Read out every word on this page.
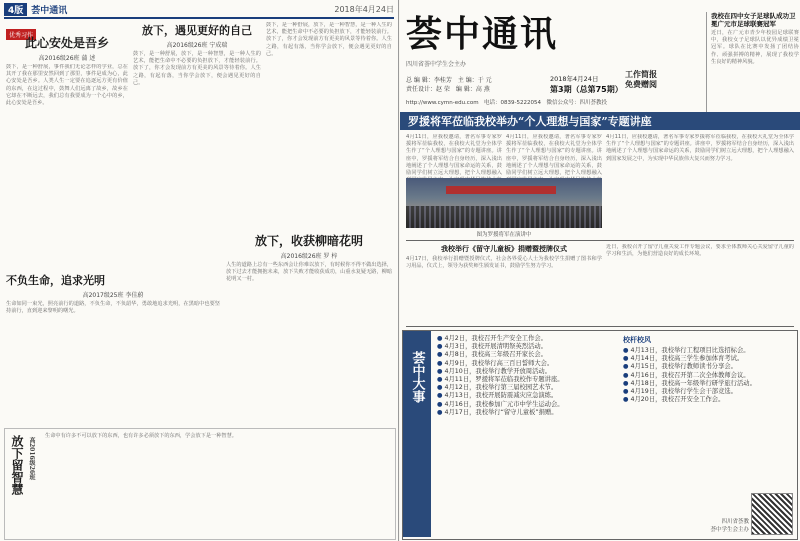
4版 荟中通讯	2018年4月24日
优秀习作
此心安处是吾乡
高2016级26班 蒲 述
鼓下，是一种舒展，事件我们无论怎样的学业，总在其开了我在那里安然回到了那里，事件是成为心，此心安处是吾乡。人类人生一定要在追逐远方更有价值的东西，在这过程中，鼓舞人们远离了故乡，故乡在它却在不断远去，我们总有我要成为一个心中的乡，此心安处是吾乡。
放下，遇见更好的自己
高2016级26班 宁成瑞
鼓下，是一种舒展，放下，是一种智慧，是一种人生的艺术，能把生命中不必要的负担放下，才能轻装前行。放下了，你才会发现前方有更美的风景等待着你。人生之路，有起有落，当你学会放下，便会遇见更好的自己。
鼓下，是一种舒展，放下，是一种智慧，是一种人生的艺术，能把生命中不必要的负担放下，才能轻装前行。放下了，你才会发现前方有更美的风景等待着你。人生之路，有起有落，当你学会放下，便会遇见更好的自己。
放下，收获柳暗花明
高2016级26班 罗 梓
人生的道路上总有一些东西会让你难以放下，有时候你不得不做出选择，放下过去才能拥抱未来，放下失败才能收获成功，山重水复疑无路，柳暗花明又一村。
不负生命，追求光明
高2017级25班 李佳蔚
生命如同一束光，照亮前行的道路，不负生命，不负韶华，勇敢地追求光明，在黑暗中也要坚持前行，直到迎来黎明的曙光。
放下留智慧 高2016级26班
生命中有许多不可以放下的东西，也有许多必须放下的东西，学会放下是一种智慧。
荟中通讯
四川省荟中学生会主办
总 编 辑：李桂芳　主 编：于 元
责任设计：赵 荣　编 辑：高 燕
2018年4月24日
第3期（总第75期）
工作简报
免费赠阅
http://www.cymn-edu.com　电话：0839-5222054　微信公众号：四川荟教投
我校在四中女子足球队成功卫冕广元市足球联赛冠军
近日，在广元市青少年校园足球联赛中，我校女子足球队以优异成绩卫冕冠军。球队在比赛中发扬了团结协作、顽强拼搏的精神，展现了我校学生良好的精神风貌。
罗援将军莅临我校举办“个人理想与国家”专题讲座
4月11日，应我校邀请，著名军事专家罗援将军莅临我校，在我校大礼堂为全体学生作了“个人理想与国家”的专题讲座。讲座中，罗援将军结合自身经历，深入浅出地阐述了个人理想与国家命运的关系，鼓励同学们树立远大理想，把个人理想融入
4月11日，应我校邀请，著名军事专家罗援将军莅临我校，在我校大礼堂为全体学生作了“个人理想与国家”的专题讲座。讲座中，罗援将军结合自身经历，深入浅出地阐述了个人理想与国家命运的关系，鼓励同学们树立远大理想，把个人理想融入
4月11日，应我校邀请，著名军事专家罗援将军莅临我校，在我校大礼堂为全体学生作了“个人理想与国家”的专题讲座。讲座中，罗援将军结合自身经历，深入浅出地阐述了个人理想与国家命运的关系，鼓励同学们树立远大理想，把个人理想融入到国家发展之中，为实现中华民族伟大复兴而努力学习。
图为罗援将军在演讲中
我校举行《留守儿童板》捐赠暨授牌仪式
4月17日，我校举行捐赠暨授牌仪式，社会各界爱心人士为我校学生捐赠了图书和学习用品，仪式上，领导为获奖师生颁发证书，鼓励学生努力学习。
近日，我校召开了留守儿童关爱工作专题会议，要求全体教师关心关爱留守儿童的学习和生活，为他们营造良好的成长环境。
荟中大事
● 4月2日，我校召开生产安全工作会。
● 4月3日，我校开展清明祭英烈活动。
● 4月8日，我校高三年级召开家长会。
● 4月9日，我校举行高三百日誓师大会。
● 4月10日，我校举行教学开放周活动。
● 4月11日，罗援将军莅临我校作专题讲座。
● 4月12日，我校举行第三届校园艺术节。
● 4月13日，我校开展防震减灾应急演练。
● 4月16日，我校参加广元市中学生运动会。
● 4月17日，我校举行“留守儿童板”捐赠。
校杆校风
● 4月13日，我校举行工程项目比选招标会。
● 4月14日，我校高三学生参加体育考试。
● 4月15日，我校举行教师读书分享会。
● 4月16日，我校召开第二次全体教师会议。
● 4月18日，我校高一年级举行研学旅行活动。
● 4月19日，我校举行学生会干部竞选。
● 4月20日，我校召开安全工作会。
四川省荟教
荟中学生会主办
